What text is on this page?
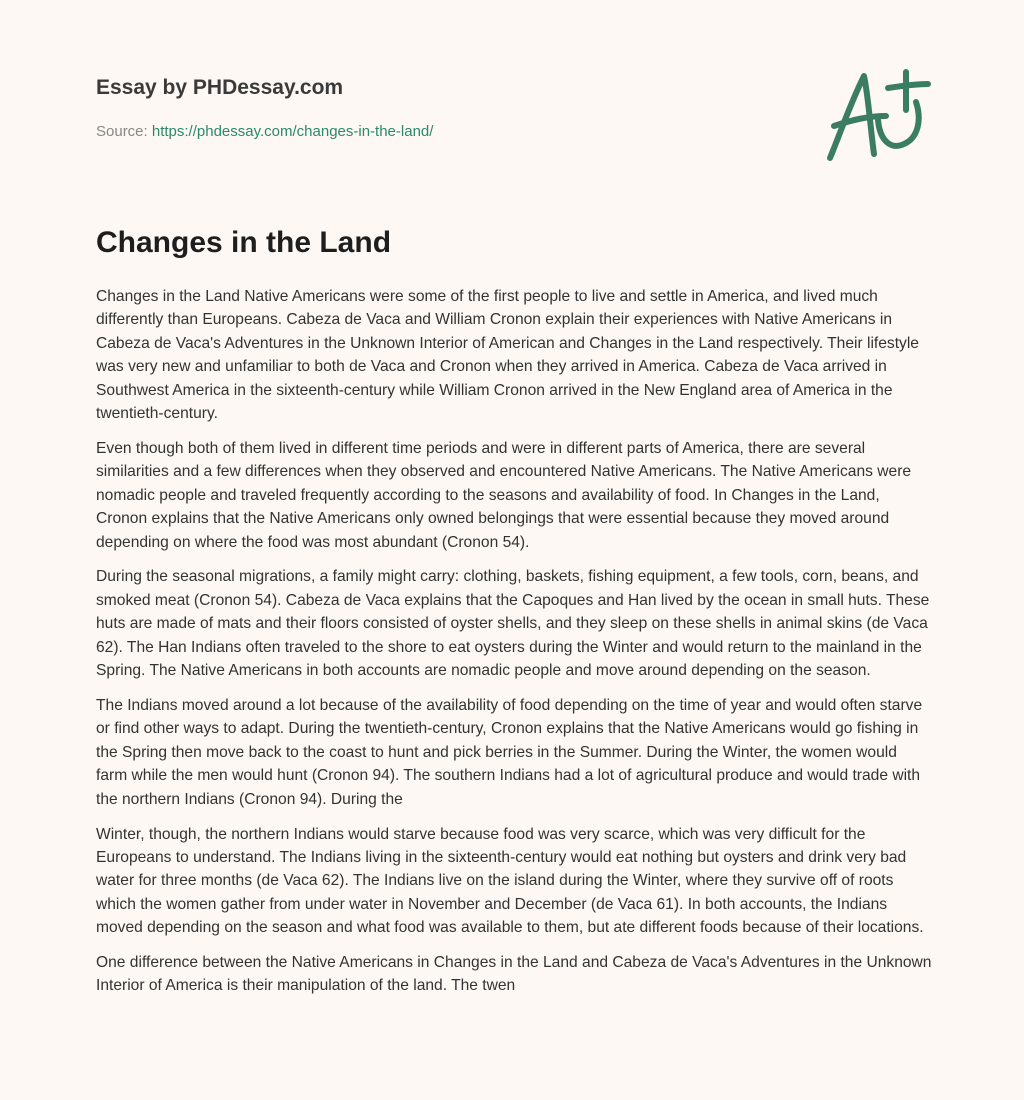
Essay by PHDessay.com
Source: https://phdessay.com/changes-in-the-land/
Changes in the Land

Changes in the Land Native Americans were some of the first people to live and settle in America, and lived much differently than Europeans. Cabeza de Vaca and William Cronon explain their experiences with Native Americans in Cabeza de Vaca's Adventures in the Unknown Interior of American and Changes in the Land respectively. Their lifestyle was very new and unfamiliar to both de Vaca and Cronon when they arrived in America. Cabeza de Vaca arrived in Southwest America in the sixteenth-century while William Cronon arrived in the New England area of America in the twentieth-century.

Even though both of them lived in different time periods and were in different parts of America, there are several similarities and a few differences when they observed and encountered Native Americans. The Native Americans were nomadic people and traveled frequently according to the seasons and availability of food. In Changes in the Land, Cronon explains that the Native Americans only owned belongings that were essential because they moved around depending on where the food was most abundant (Cronon 54).

During the seasonal migrations, a family might carry: clothing, baskets, fishing equipment, a few tools, corn, beans, and smoked meat (Cronon 54). Cabeza de Vaca explains that the Capoques and Han lived by the ocean in small huts. These huts are made of mats and their floors consisted of oyster shells, and they sleep on these shells in animal skins (de Vaca 62). The Han Indians often traveled to the shore to eat oysters during the Winter and would return to the mainland in the Spring. The Native Americans in both accounts are nomadic people and move around depending on the season.

The Indians moved around a lot because of the availability of food depending on the time of year and would often starve or find other ways to adapt. During the twentieth-century, Cronon explains that the Native Americans would go fishing in the Spring then move back to the coast to hunt and pick berries in the Summer. During the Winter, the women would farm while the men would hunt (Cronon 94). The southern Indians had a lot of agricultural produce and would trade with the northern Indians (Cronon 94). During the

Winter, though, the northern Indians would starve because food was very scarce, which was very difficult for the Europeans to understand. The Indians living in the sixteenth-century would eat nothing but oysters and drink very bad water for three months (de Vaca 62). The Indians live on the island during the Winter, where they survive off of roots which the women gather from under water in November and December (de Vaca 61). In both accounts, the Indians moved depending on the season and what food was available to them, but ate different foods because of their locations.

One difference between the Native Americans in Changes in the Land and Cabeza de Vaca's Adventures in the Unknown Interior of America is their manipulation of the land. The twen
